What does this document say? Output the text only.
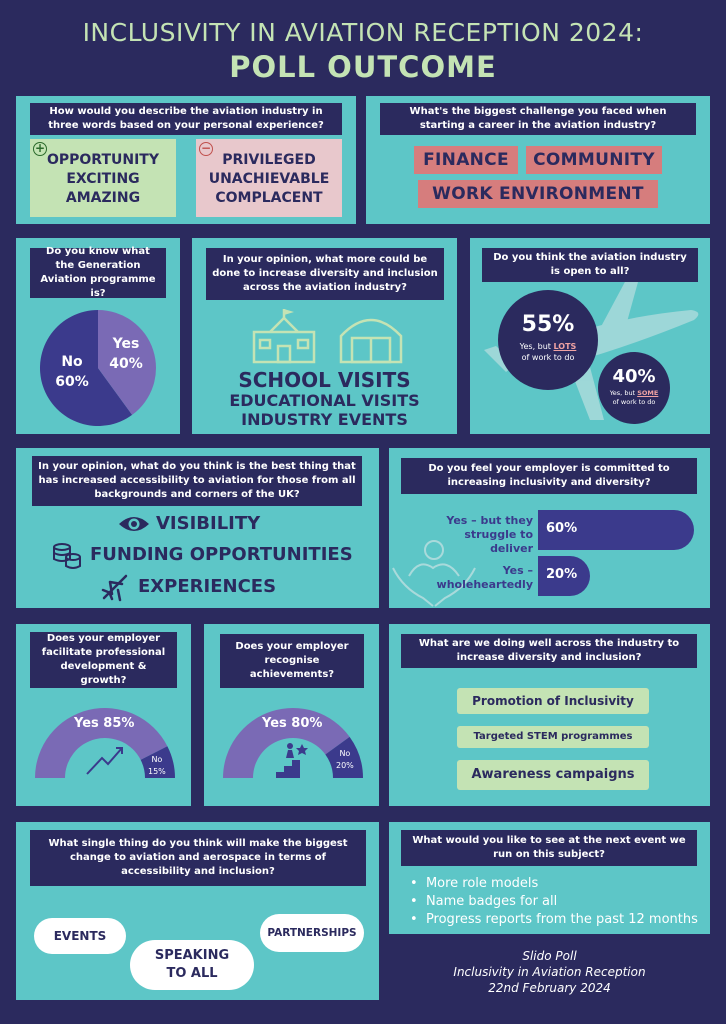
INCLUSIVITY IN AVIATION RECEPTION 2024:
POLL OUTCOME
How would you describe the aviation industry in three words based on your personal experience?
+
OPPORTUNITY
EXCITING
AMAZING
−
PRIVILEGED
UNACHIEVABLE
COMPLACENT
What's the biggest challenge you faced when starting a career in the aviation industry?
FINANCE	COMMUNITY
WORK ENVIRONMENT
Do you know what the Generation Aviation programme is?
Yes
40%
No
60%
In your opinion, what more could be done to increase diversity and inclusion across the aviation industry?
SCHOOL VISITS
EDUCATIONAL VISITS
INDUSTRY EVENTS
Do you think the aviation industry is open to all?
55%
Yes, but LOTS
of work to do
40%
Yes, but SOME
of work to do
In your opinion, what do you think is the best thing that has increased accessibility to aviation for those from all backgrounds and corners of the UK?
VISIBILITY
FUNDING OPPORTUNITIES
EXPERIENCES
Do you feel your employer is committed to increasing inclusivity and diversity?
Yes – but they struggle to deliver
Yes – wholeheartedly
60%
20%
Does your employer facilitate professional development & growth?
Yes 85%
No
15%
Does your employer recognise achievements?
Yes 80%
No
20%
What are we doing well across the industry to increase diversity and inclusion?
Promotion of Inclusivity
Targeted STEM programmes
Awareness campaigns
What single thing do you think will make the biggest change to aviation and aerospace in terms of accessibility and inclusion?
EVENTS
SPEAKING
TO ALL
PARTNERSHIPS
What would you like to see at the next event we run on this subject?
•  More role models
•  Name badges for all
•  Progress reports from the past 12 months
Slido Poll
Inclusivity in Aviation Reception
22nd February 2024
